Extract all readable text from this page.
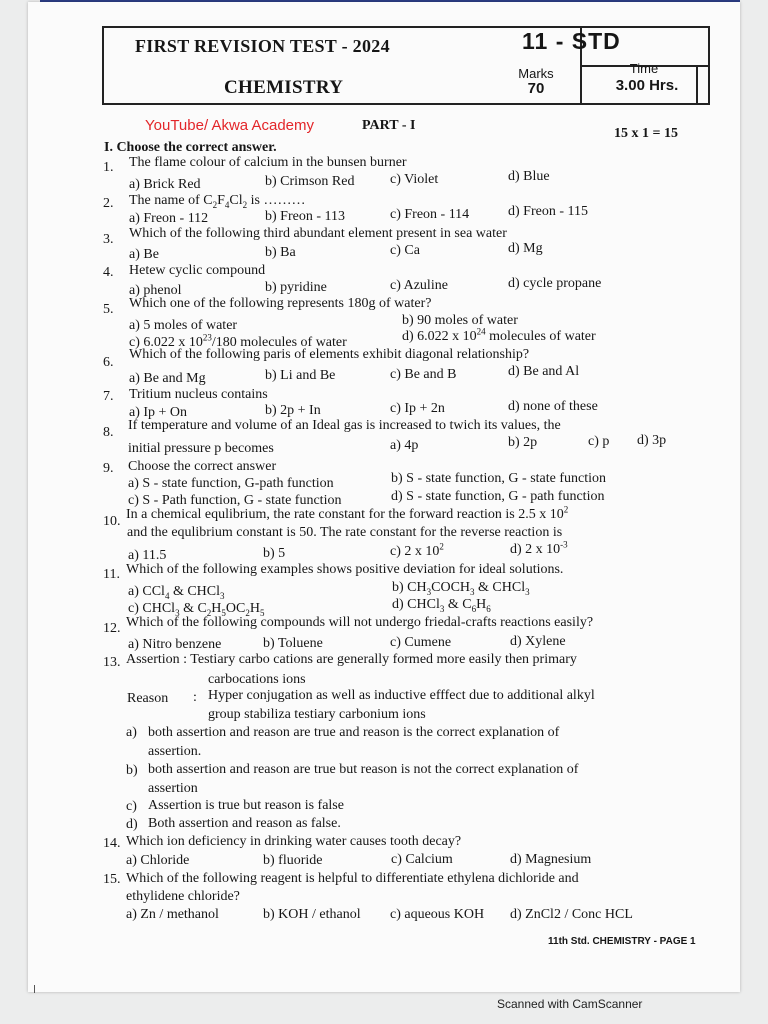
FIRST REVISION TEST - 2024
CHEMISTRY
11 - STD
Marks
70
Time
3.00 Hrs.
YouTube/ Akwa Academy	PART - I
15 x 1 = 15
I. Choose the correct answer.
1. The flame colour of calcium in the bunsen burner
a) Brick Red	b) Crimson Red	c) Violet	d) Blue
2. The name of $C_2F_4Cl_2$ is ………
a) Freon - 112	b) Freon - 113	c) Freon - 114	d) Freon - 115
3. Which of the following third abundant element present in sea water
a) Be	b) Ba	c) Ca	d) Mg
4. Hetew cyclic compound
a) phenol	b) pyridine	c) Azuline	d) cycle propane
5. Which one of the following represents 180g of water?
a) 5 moles of water	b) 90 moles of water
c) 6.022 x $10^{23}/180$ molecules of water	d) 6.022 x $10^{24}$ molecules of water
6.
Which of the following paris of elements exhibit diagonal relationship?
a) Be and Mg	b) Li and Be	c) Be and B	d) Be and Al
7. Tritium nucleus contains
a) Ip + On	b) 2p + In	c) Ip + 2n	d) none of these
8. If temperature and volume of an Ideal gas is increased to twich its values, the
initial pressure p becomes	a) 4p	b) 2p	c) p d) 3p
9. Choose the correct answer
a) S - state function, G-path function	b) S - state function, G - state function
c) S - Path function, G - state function	d) S - state function, G - path function
10. In a chemical equlibrium, the rate constant for the forward reaction is 2.5 x $10^2$
and the equlibrium constant is 50. The rate constant for the reverse reaction is
a) 11.5	b) 5	c) 2 x $10^2$	d) 2 x $10^{-3}$
11. Which of the following examples shows positive deviation for ideal solutions.
a) CCl$_4$ & CHCl$_3$
b) $CH_3COCH_3$ & CHCl$_3$
c) CHCl$_3$ & $C_2H_5OC_2H_5$
d) CHCl$_3$ & $C_6H_6$
12. Which of the following compounds will not undergo friedal-crafts reactions easily?
a) Nitro benzene	b) Toluene	c) Cumene	d) Xylene
13. Assertion : Testiary carbo cations are generally formed more easily then primary
carbocations ions
Reason : Hyper conjugation as well as inductive efffect due to additional alkyl
group stabiliza testiary carbonium ions
a) both assertion and reason are true and reason is the correct explanation of
assertion.
b) both assertion and reason are true but reason is not the correct explanation of
assertion
c) Assertion is true but reason is false
d) Both assertion and reason as false.
14. Which ion deficiency in drinking water causes tooth decay?
a) Chloride	b) fluoride	c) Calcium	d) Magnesium
15. Which of the following reagent is helpful to differentiate ethylena dichloride and
ethylidene chloride?
a) Zn / methanol	b) KOH / ethanol c) aqueous KOH d) ZnCl2 / Conc HCL
11th Std. CHEMISTRY - PAGE 1
Scanned with CamScanner
